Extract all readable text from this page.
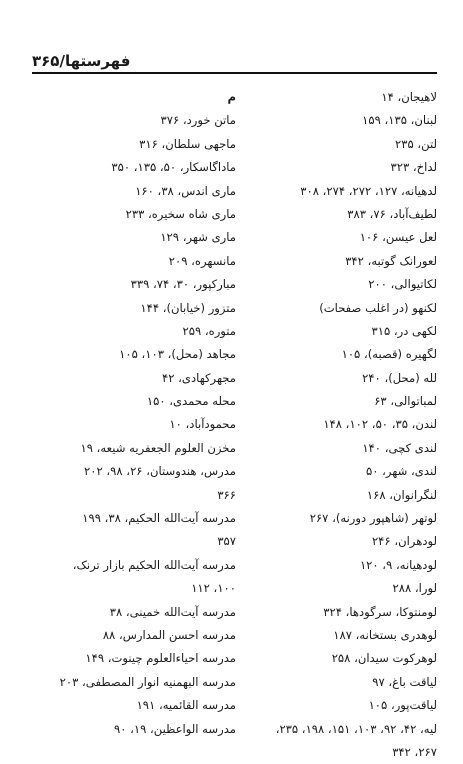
فهرستها/۳۶۵
لاهیجان، ۱۴
لبنان، ۱۳۵، ۱۵۹
لتن، ۲۳۵
لداخ، ۳۲۳
لدهیانه، ۱۲۷، ۲۷۲، ۲۷۴، ۳۰۸
لطیف‌آباد، ۷۶، ۳۸۳
لعل عیسن، ۱۰۶
لعورانک گوتبه، ۳۴۲
لکاتیوالی، ۲۰۰
لکنهو (در اغلب صفحات)
لکهی در، ۳۱۵
لگهیره (قصبه)، ۱۰۵
لله (محل)، ۲۴۰
لمباتوالی، ۶۳
لندن، ۳۵، ۵۰، ۱۰۲، ۱۴۸
لندی کچی، ۱۴۰
لندی، شهر، ۵۰
لنگرانوان، ۱۶۸
لوتهر (شاهپور دورنه)، ۲۶۷
لودهران، ۲۴۶
لودهیانه، ۹، ۱۲۰
لورا، ۲۸۸
لومنتوکا، سرگودها، ۳۲۴
لوهدری بستخانه، ۱۸۷
لوهرکوت سیدان، ۲۵۸
لیاقت باغ، ۹۷
لیاقت‌پور، ۱۰۵
لیه، ۴۲، ۹۲، ۱۰۳، ۱۵۱، ۱۹۸، ۲۳۵،
۲۶۷، ۳۴۲
م
ماتن خورد، ۳۷۶
ماجهی سلطان، ۳۱۶
ماداگاسکار، ۵۰، ۱۳۵، ۳۵۰
ماری اندس، ۳۸، ۱۶۰
ماری شاه سخیره، ۲۳۳
ماری شهر، ۱۲۹
مانسهره، ۲۰۹
مبارکپور، ۳۰، ۷۴، ۳۳۹
متزور (خیابان)، ۱۴۴
متوره، ۲۵۹
مجاهد (محل)، ۱۰۳، ۱۰۵
مجهرکهادی، ۴۲
محله محمدی، ۱۵۰
محمودآباد، ۱۰
مخزن العلوم الجعفریه شیعه، ۱۹
مدرس، هندوستان، ۲۶، ۹۸، ۲۰۲
۳۶۶
مدرسه آیت‌الله الحکیم، ۳۸، ۱۹۹
۳۵۷
مدرسه آیت‌الله الحکیم بازار ترنک،
۱۰۰، ۱۱۲
مدرسه آیت‌الله خمینی، ۳۸
مدرسه احسن المدارس، ۸۸
مدرسه احیاءالعلوم چینوت، ۱۴۹
مدرسه البهمنیه انوار المصطفی، ۲۰۳
مدرسه القائمیه، ۱۹۱
مدرسه الواعظین، ۱۹، ۹۰
